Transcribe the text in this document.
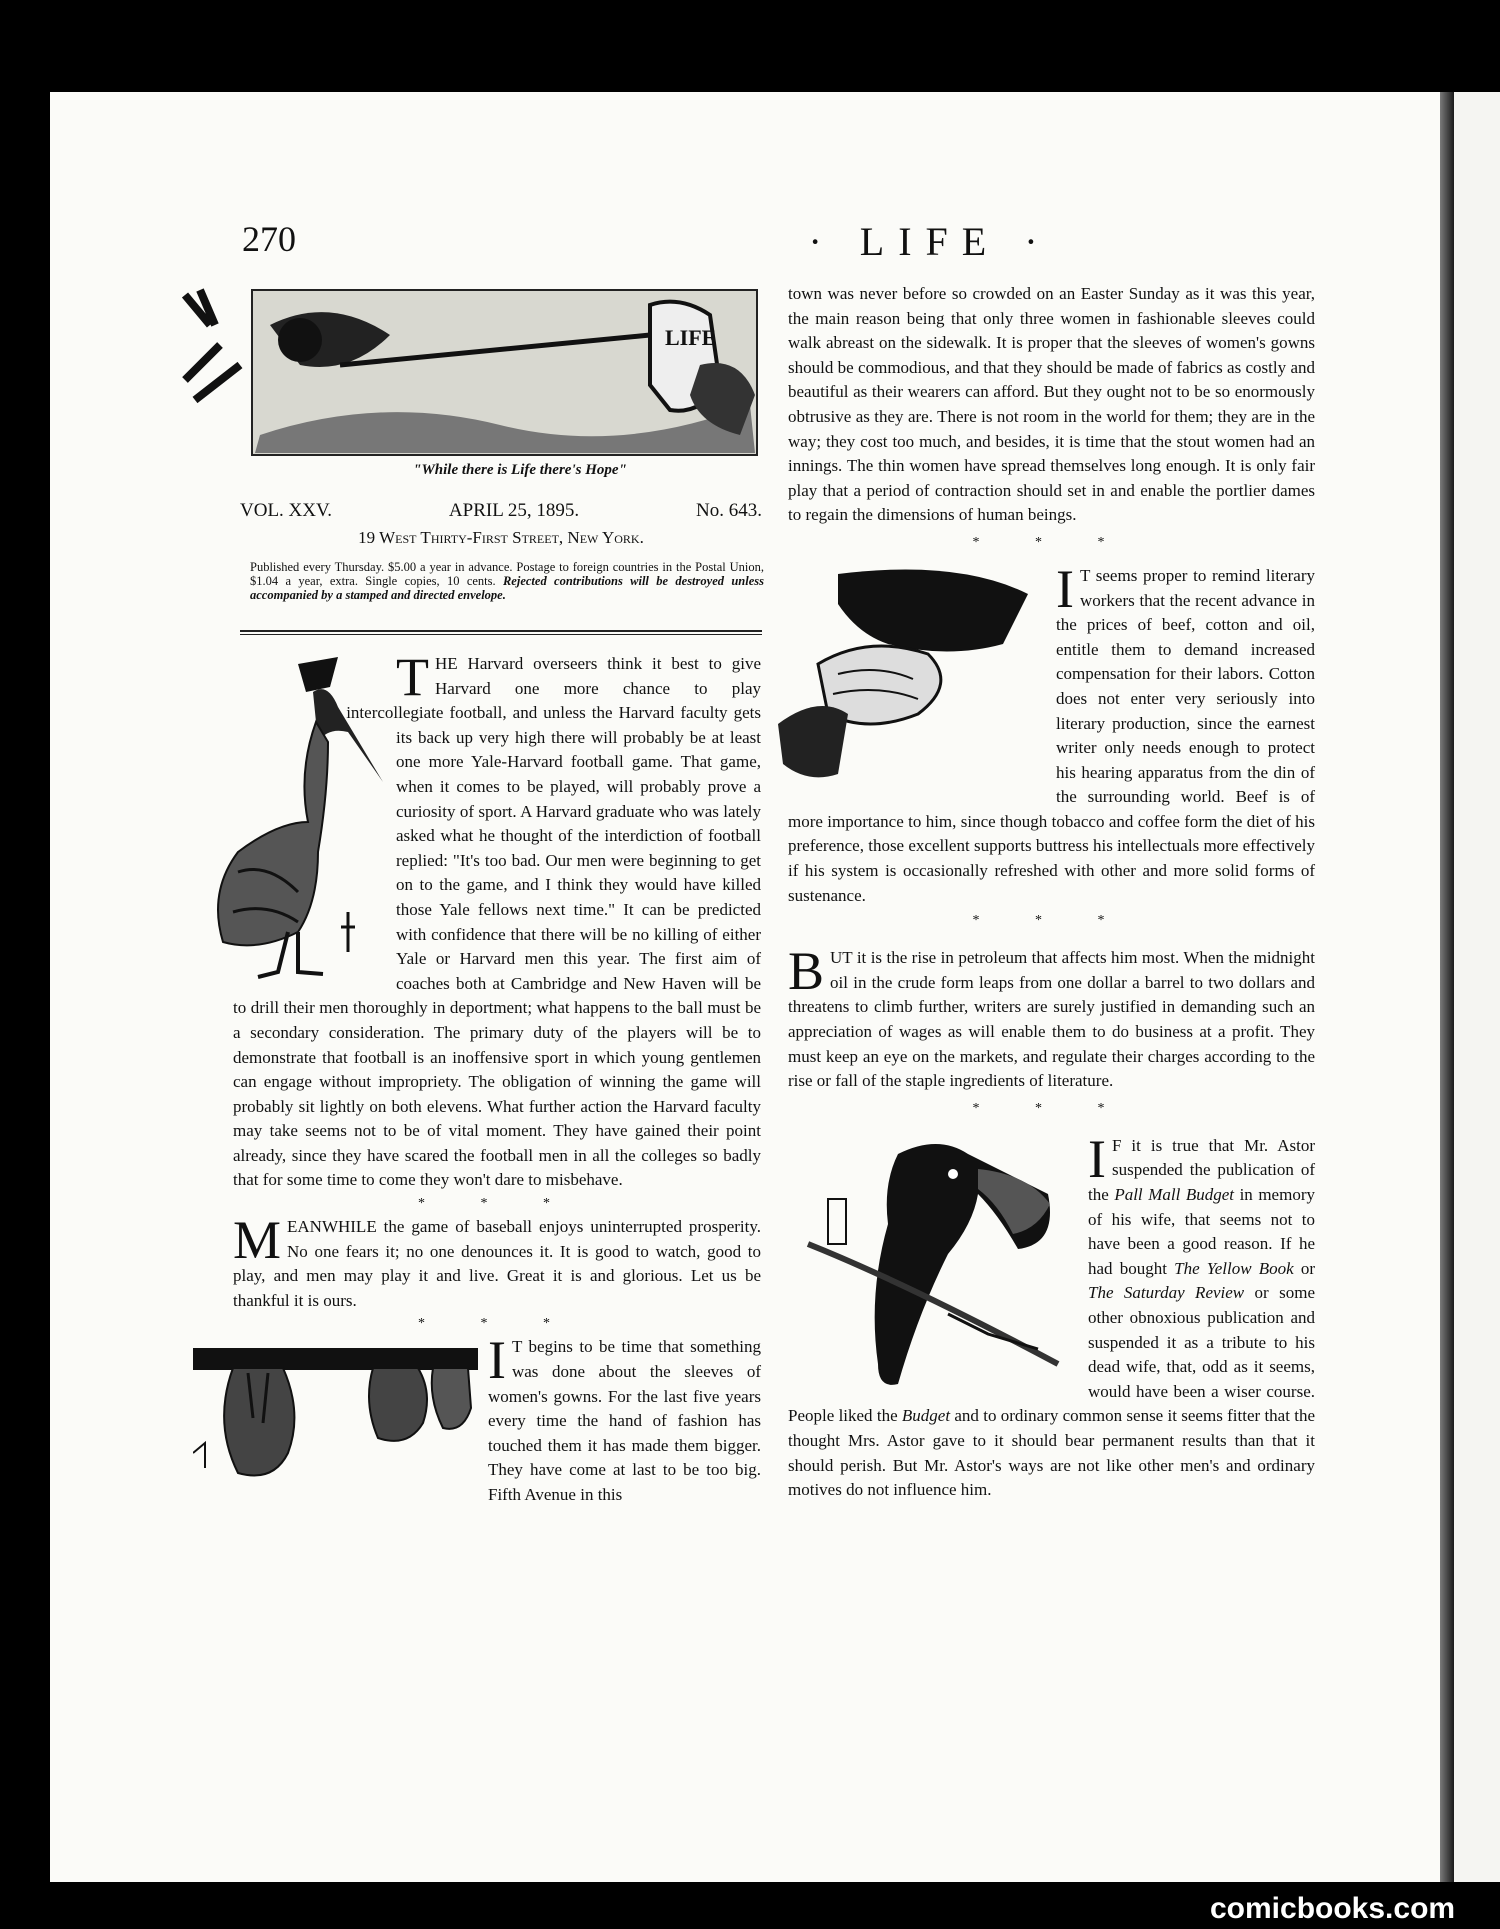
270	· LIFE ·
LIFE
"While there is Life there's Hope"
VOL. XXV.	APRIL 25, 1895.	No. 643.
19 West Thirty-First Street, New York.
Published every Thursday. $5.00 a year in advance. Postage to foreign countries in the Postal Union, $1.04 a year, extra. Single copies, 10 cents. Rejected contributions will be destroyed unless accompanied by a stamped and directed envelope.

THE Harvard overseers think it best to give Harvard one more chance to play intercollegiate football, and unless the Harvard faculty gets its back up very high there will probably be at least one more Yale-Harvard football game. That game, when it comes to be played, will probably prove a curiosity of sport. A Harvard graduate who was lately asked what he thought of the interdiction of football replied: "It's too bad. Our men were beginning to get on to the game, and I think they would have killed those Yale fellows next time." It can be predicted with confidence that there will be no killing of either Yale or Harvard men this year. The first aim of coaches both at Cambridge and New Haven will be to drill their men thoroughly in deportment; what happens to the ball must be a secondary consideration. The primary duty of the players will be to demonstrate that football is an inoffensive sport in which young gentlemen can engage without impropriety. The obligation of winning the game will probably sit lightly on both elevens. What further action the Harvard faculty may take seems not to be of vital moment. They have gained their point already, since they have scared the football men in all the colleges so badly that for some time to come they won't dare to misbehave.

* * *

MEANWHILE the game of baseball enjoys uninterrupted prosperity. No one fears it; no one denounces it. It is good to watch, good to play, and men may play it and live. Great it is and glorious. Let us be thankful it is ours.

* * *

I T begins to be time that something was done about the sleeves of women's gowns. For the last five years every time the hand of fashion has touched them it has made them bigger. They have come at last to be too big. Fifth Avenue in this

town was never before so crowded on an Easter Sunday as it was this year, the main reason being that only three women in fashionable sleeves could walk abreast on the sidewalk. It is proper that the sleeves of women's gowns should be commodious, and that they should be made of fabrics as costly and beautiful as their wearers can afford. But they ought not to be so enormously obtrusive as they are. There is not room in the world for them; they are in the way; they cost too much, and besides, it is time that the stout women had an innings. The thin women have spread themselves long enough. It is only fair play that a period of contraction should set in and enable the portlier dames to regain the dimensions of human beings.

* * *

I T seems proper to remind literary workers that the recent advance in the prices of beef, cotton and oil, entitle them to demand increased compensation for their labors. Cotton does not enter very seriously into literary production, since the earnest writer only needs enough to protect his hearing apparatus from the din of the surrounding world. Beef is of more importance to him, since though tobacco and coffee form the diet of his preference, those excellent supports buttress his intellectuals more effectively if his system is occasionally refreshed with other and more solid forms of sustenance.

* * *

BUT it is the rise in petroleum that affects him most. When the midnight oil in the crude form leaps from one dollar a barrel to two dollars and threatens to climb further, writers are surely justified in demanding such an appreciation of wages as will enable them to do business at a profit. They must keep an eye on the markets, and regulate their charges according to the rise or fall of the staple ingredients of literature.

* * *

I F it is true that Mr. Astor suspended the publication of the Pall Mall Budget in memory of his wife, that seems not to have been a good reason. If he had bought The Yellow Book or The Saturday Review or some other obnoxious publication and suspended it as a tribute to his dead wife, that, odd as it seems, would have been a wiser course. People liked the Budget and to ordinary common sense it seems fitter that the thought Mrs. Astor gave to it should bear permanent results than that it should perish. But Mr. Astor's ways are not like other men's and ordinary motives do not influence him.

comicbooks.com
